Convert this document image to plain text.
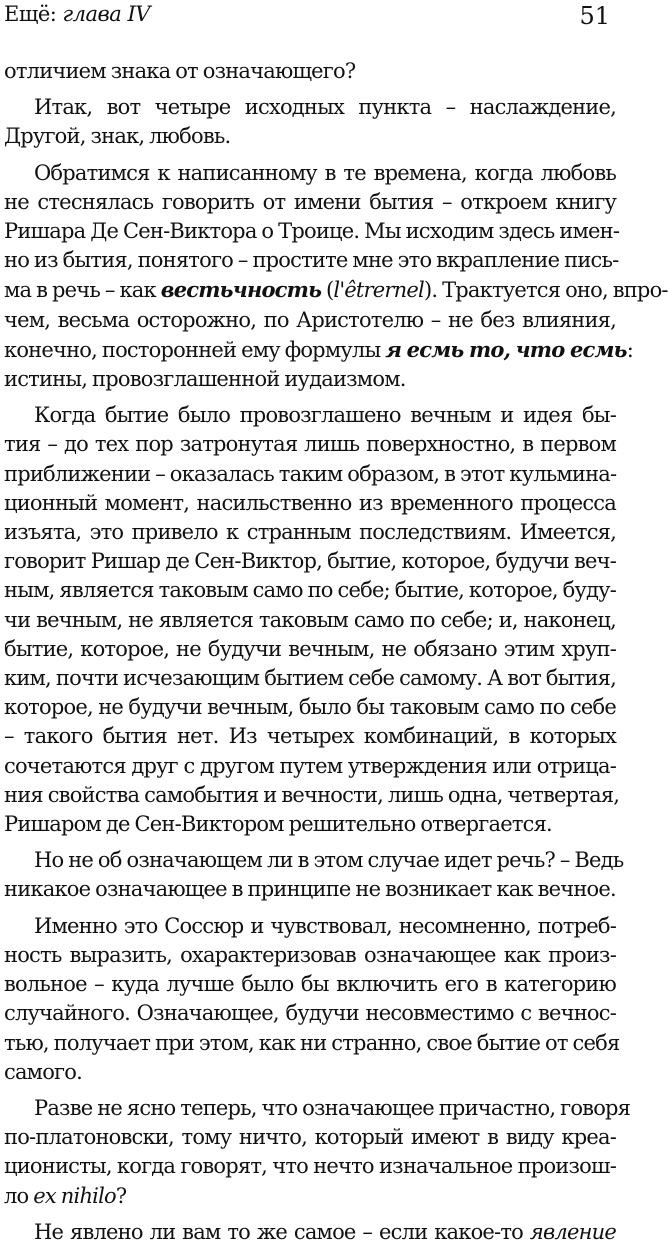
Ещё: глава IV	51
отличием знака от означающего?
Итак, вот четыре исходных пункта – наслаждение,
Другой, знак, любовь.
Обратимся к написанному в те времена, когда любовь
не стеснялась говорить от имени бытия – откроем книгу
Ришара Де Сен-Виктора о Троице. Мы исходим здесь имен-
но из бытия, понятого – простите мне это вкрапление пись-
ма в речь – как вестьчность (l'êtrernel). Трактуется оно, впро-
чем, весьма осторожно, по Аристотелю – не без влияния,
конечно, посторонней ему формулы я есмь то, что есмь:
истины, провозглашенной иудаизмом.
Когда бытие было провозглашено вечным и идея бы-
тия – до тех пор затронутая лишь поверхностно, в первом
приближении – оказалась таким образом, в этот кульмина-
ционный момент, насильственно из временного процесса
изъята, это привело к странным последствиям. Имеется,
говорит Ришар де Сен-Виктор, бытие, которое, будучи веч-
ным, является таковым само по себе; бытие, которое, буду-
чи вечным, не является таковым само по себе; и, наконец,
бытие, которое, не будучи вечным, не обязано этим хруп-
ким, почти исчезающим бытием себе самому. А вот бытия,
которое, не будучи вечным, было бы таковым само по себе
– такого бытия нет. Из четырех комбинаций, в которых
сочетаются друг с другом путем утверждения или отрица-
ния свойства самобытия и вечности, лишь одна, четвертая,
Ришаром де Сен-Виктором решительно отвергается.
Но не об означающем ли в этом случае идет речь? – Ведь
никакое означающее в принципе не возникает как вечное.
Именно это Соссюр и чувствовал, несомненно, потреб-
ность выразить, охарактеризовав означающее как произ-
вольное – куда лучше было бы включить его в категорию
случайного. Означающее, будучи несовместимо с вечнос-
тью, получает при этом, как ни странно, свое бытие от себя
самого.
Разве не ясно теперь, что означающее причастно, говоря
по-платоновски, тому ничто, который имеют в виду креа-
ционисты, когда говорят, что нечто изначальное произош-
ло ex nihilo?
Не явлено ли вам то же самое – если какое-то явление
